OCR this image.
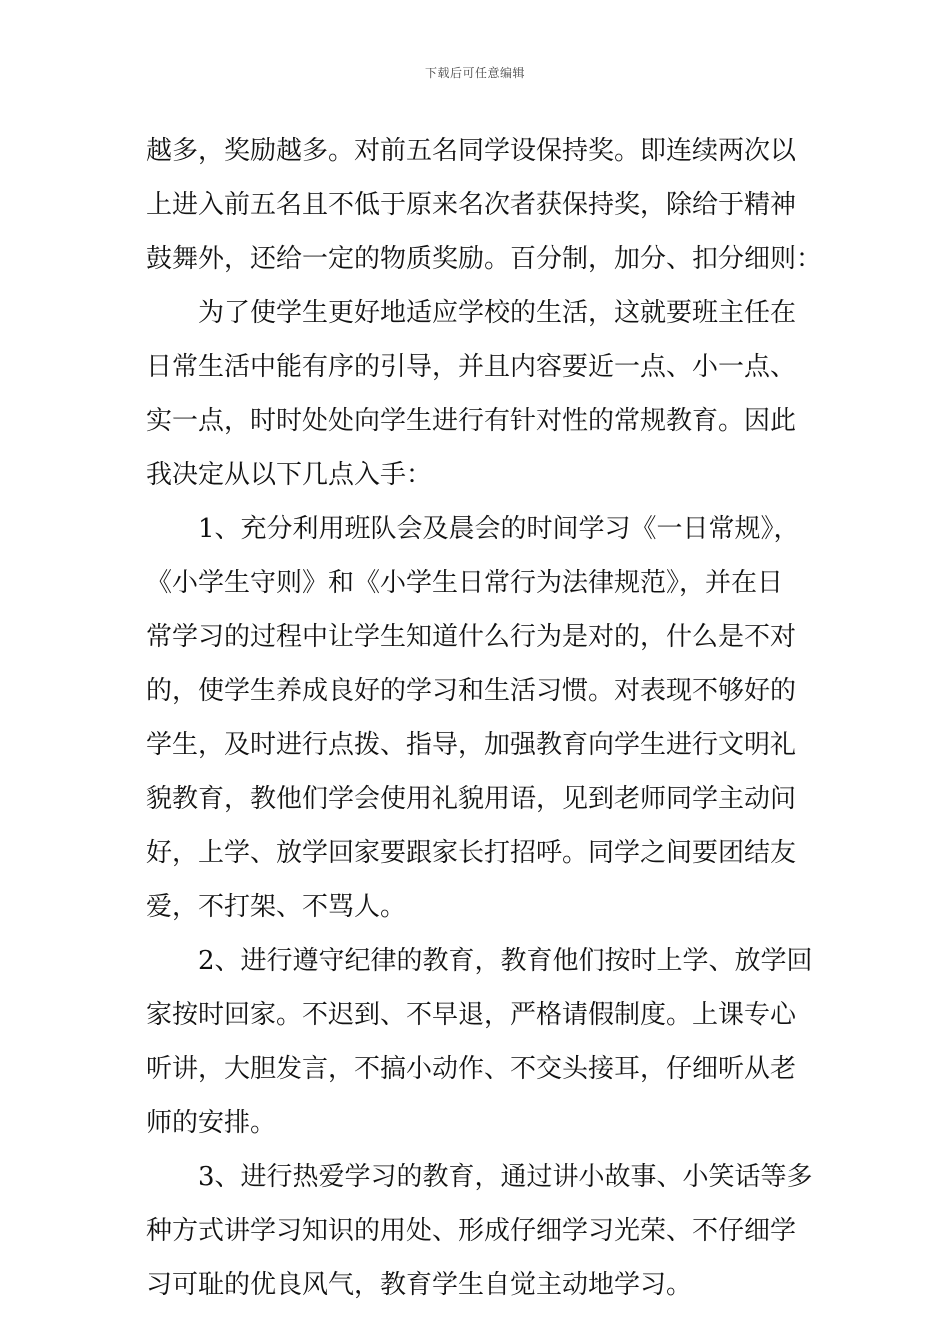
下载后可任意编辑
越多，奖励越多。对前五名同学设保持奖。即连续两次以
上进入前五名且不低于原来名次者获保持奖，除给于精神
鼓舞外，还给一定的物质奖励。百分制，加分、扣分细则：
　　为了使学生更好地适应学校的生活，这就要班主任在
日常生活中能有序的引导，并且内容要近一点、小一点、
实一点，时时处处向学生进行有针对性的常规教育。因此
我决定从以下几点入手：
　　1、充分利用班队会及晨会的时间学习《一日常规》，
《小学生守则》和《小学生日常行为法律规范》，并在日
常学习的过程中让学生知道什么行为是对的，什么是不对
的，使学生养成良好的学习和生活习惯。对表现不够好的
学生，及时进行点拨、指导，加强教育向学生进行文明礼
貌教育，教他们学会使用礼貌用语，见到老师同学主动问
好，上学、放学回家要跟家长打招呼。同学之间要团结友
爱，不打架、不骂人。
　　2、进行遵守纪律的教育，教育他们按时上学、放学回
家按时回家。不迟到、不早退，严格请假制度。上课专心
听讲，大胆发言，不搞小动作、不交头接耳，仔细听从老
师的安排。
　　3、进行热爱学习的教育，通过讲小故事、小笑话等多
种方式讲学习知识的用处、形成仔细学习光荣、不仔细学
习可耻的优良风气，教育学生自觉主动地学习。
